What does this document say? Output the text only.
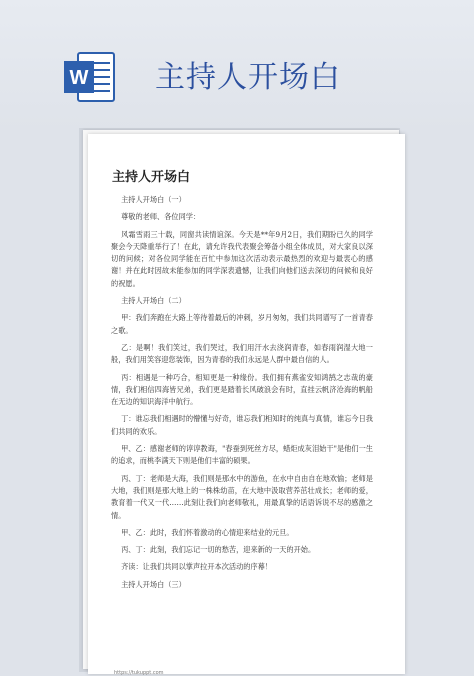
W 主持人开场白
主持人开场白

主持人开场白（一）

尊敬的老师、各位同学：

风霜雪雨三十载，同窗共读情谊深。今天是**年9月2日，我们期盼已久的同学聚会今天降重举行了！在此，请允许我代表聚会筹备小组全体成员，对大家良以深切的问候；对各位同学能在百忙中参加这次活动表示最热烈的欢迎与最衷心的感谢！并在此时因故未能参加的同学深表遗憾，让我们向他们送去深切的问候和良好的祝愿。

主持人开场白（二）

甲：我们奔跑在大路上等待着最后的冲刺，岁月匆匆，我们共同谱写了一首青春之歌。

乙：是啊！我们笑过，我们哭过，我们用汗水去浇润青春，如春雨润湿大地一般，我们用笑容迎您装饰，因为青春的我们永远是人群中最自信的人。

丙：相遇是一种巧合，相知更是一种缘份。我们拥有燕雀安知鸿鹄之志哉的豪情，我们相信四海皆兄弟，我们更是踏着长风破浪会有时，直挂云帆济沧海的帆船在无边的知识海洋中航行。

丁：谁忘我们相遇时的懵懂与好奇，谁忘我们相知时的纯真与真情，谁忘今日我们共同的欢乐。

甲、乙：感谢老师的谆谆教诲，"春蚕到死丝方尽，蜡炬成灰泪始干"是他们一生的追求，而桃李满天下则是他们丰富的硕果。

丙、丁：老师是大海，我们则是那水中的游鱼，在水中自由自在地欢愉；老师是大地，我们则是那大地上的一株株幼苗，在大地中汲取营养茁壮成长；老师的爱，教育着一代又一代……此刻让我们向老师敬礼，用最真挚的话语诉说不尽的感激之情。

甲、乙：此时，我们怀着激动的心情迎来结业的元旦。

丙、丁：此刻，我们忘记一切的愁苦，迎来新的一天的开始。

齐读：让我们共同以掌声拉开本次活动的序幕！

主持人开场白（三）

https://tukuppt.com
